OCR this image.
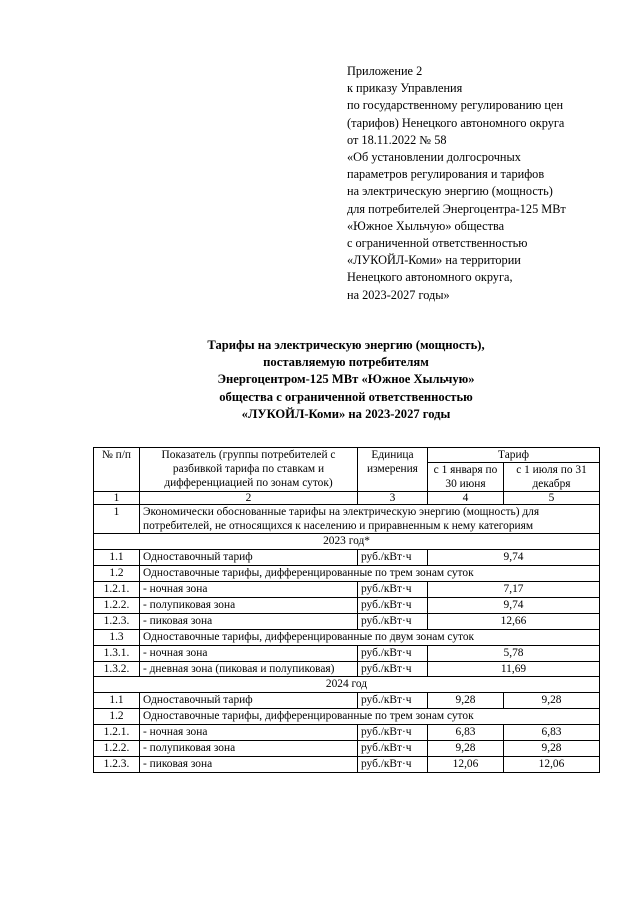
Приложение 2
к приказу Управления
по государственному регулированию цен
(тарифов) Ненецкого автономного округа
от 18.11.2022 № 58
«Об установлении долгосрочных
параметров регулирования и тарифов
на электрическую энергию (мощность)
для потребителей Энергоцентра-125 МВт
«Южное Хыльчую» общества
с ограниченной ответственностью
«ЛУКОЙЛ-Коми» на территории
Ненецкого автономного округа,
на 2023-2027 годы»
Тарифы на электрическую энергию (мощность),
поставляемую потребителям
Энергоцентром-125 МВт «Южное Хыльчую»
общества с ограниченной ответственностью
«ЛУКОЙЛ-Коми» на 2023-2027 годы
№ п/п	Показатель (группы потребителей с разбивкой тарифа по ставкам и дифференциацией по зонам суток)	Единица измерения	Тариф	
			с 1 января по 30 июня	с 1 июля по 31 декабря
1	2	3	4	5
1	Экономически обоснованные тарифы на электрическую энергию (мощность) для потребителей, не относящихся к населению и приравненным к нему категориям			
2023 год*				
1.1	Одноставочный тариф	руб./кВт·ч	9,74	
1.2	Одноставочные тарифы, дифференцированные по трем зонам суток			
1.2.1.	- ночная зона	руб./кВт·ч	7,17	
1.2.2.	- полупиковая зона	руб./кВт·ч	9,74	
1.2.3.	- пиковая зона	руб./кВт·ч	12,66	
1.3	Одноставочные тарифы, дифференцированные по двум зонам суток			
1.3.1.	- ночная зона	руб./кВт·ч	5,78	
1.3.2.	- дневная зона (пиковая и полупиковая)	руб./кВт·ч	11,69	
2024 год				
1.1	Одноставочный тариф	руб./кВт·ч	9,28	9,28
1.2	Одноставочные тарифы, дифференцированные по трем зонам суток			
1.2.1.	- ночная зона	руб./кВт·ч	6,83	6,83
1.2.2.	- полупиковая зона	руб./кВт·ч	9,28	9,28
1.2.3.	- пиковая зона	руб./кВт·ч	12,06	12,06
